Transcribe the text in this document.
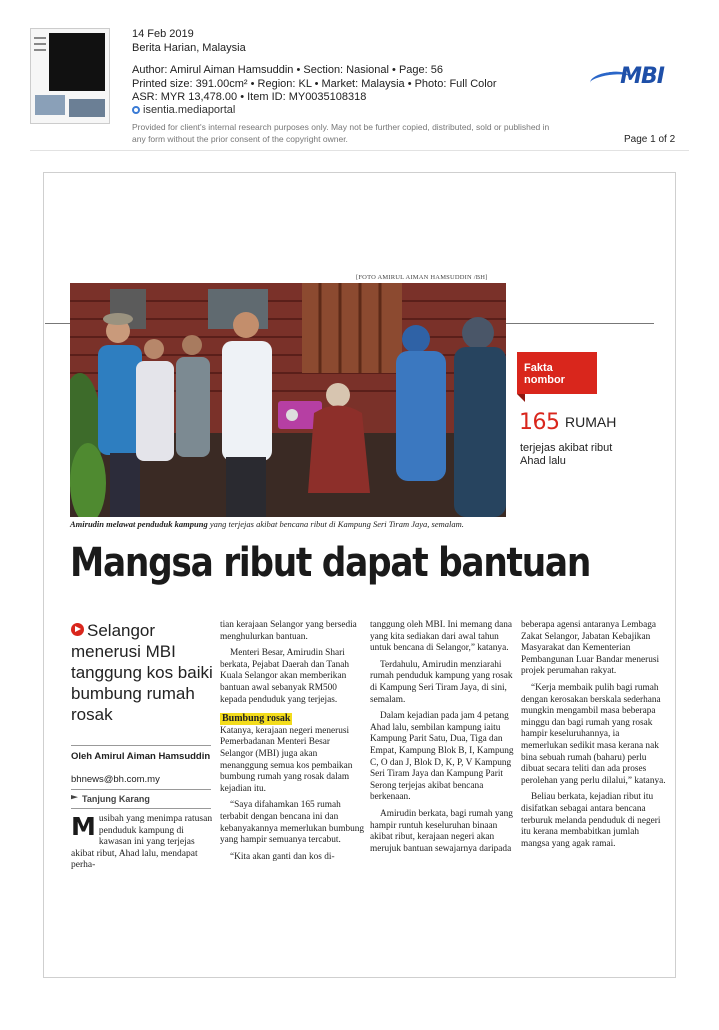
14 Feb 2019
Berita Harian, Malaysia
Author: Amirul Aiman Hamsuddin • Section: Nasional • Page: 56
Printed size: 391.00cm² • Region: KL • Market: Malaysia • Photo: Full Color
ASR: MYR 13,478.00 • Item ID: MY0035108318
isentia.mediaportal
Provided for client's internal research purposes only. May not be further copied, distributed, sold or published in any form without the prior consent of the copyright owner.	Page 1 of 2
MBI
[FOTO AMIRUL AIMAN HAMSUDDIN /BH]
Amirudin melawat penduduk kampung yang terjejas akibat bencana ribut di Kampung Seri Tiram Jaya, semalam.
Fakta
nombor
165 RUMAH
terjejas akibat ribut Ahad lalu
Mangsa ribut dapat bantuan
Selangor menerusi MBI tanggung kos baiki bumbung rumah rosak
Oleh Amirul Aiman Hamsuddin
bhnews@bh.com.my
Tanjung Karang
Musibah yang menimpa ratusan penduduk kampung di kawasan ini yang terjejas akibat ribut, Ahad lalu, mendapat perha-

tian kerajaan Selangor yang bersedia menghulurkan bantuan.

Menteri Besar, Amirudin Shari berkata, Pejabat Daerah dan Tanah Kuala Selangor akan memberikan bantuan awal sebanyak RM500 kepada penduduk yang terjejas.

Bumbung rosak

Katanya, kerajaan negeri menerusi Pemerbadanan Menteri Besar Selangor (MBI) juga akan menanggung semua kos pembaikan bumbung rumah yang rosak dalam kejadian itu.

“Saya difahamkan 165 rumah terbabit dengan bencana ini dan kebanyakannya memerlukan bumbung yang hampir semuanya tercabut.

“Kita akan ganti dan kos di-

tanggung oleh MBI. Ini memang dana yang kita sediakan dari awal tahun untuk bencana di Selangor,” katanya.

Terdahulu, Amirudin menziarahi rumah penduduk kampung yang rosak di Kampung Seri Tiram Jaya, di sini, semalam.

Dalam kejadian pada jam 4 petang Ahad lalu, sembilan kampung iaitu Kampung Parit Satu, Dua, Tiga dan Empat, Kampung Blok B, I, Kampung C, O dan J, Blok D, K, P, V Kampung Seri Tiram Jaya dan Kampung Parit Serong terjejas akibat bencana berkenaan.

Amirudin berkata, bagi rumah yang hampir runtuh keseluruhan binaan akibat ribut, kerajaan negeri akan merujuk bantuan sewajarnya daripada

beberapa agensi antaranya Lembaga Zakat Selangor, Jabatan Kebajikan Masyarakat dan Kementerian Pembangunan Luar Bandar menerusi projek perumahan rakyat.

“Kerja membaik pulih bagi rumah dengan kerosakan berskala sederhana mungkin mengambil masa beberapa minggu dan bagi rumah yang rosak hampir keseluruhannya, ia memerlukan sedikit masa kerana nak bina sebuah rumah (baharu) perlu dibuat secara teliti dan ada proses perolehan yang perlu dilalui,” katanya.

Beliau berkata, kejadian ribut itu disifatkan sebagai antara bencana terburuk melanda penduduk di negeri itu kerana membabitkan jumlah mangsa yang agak ramai.
